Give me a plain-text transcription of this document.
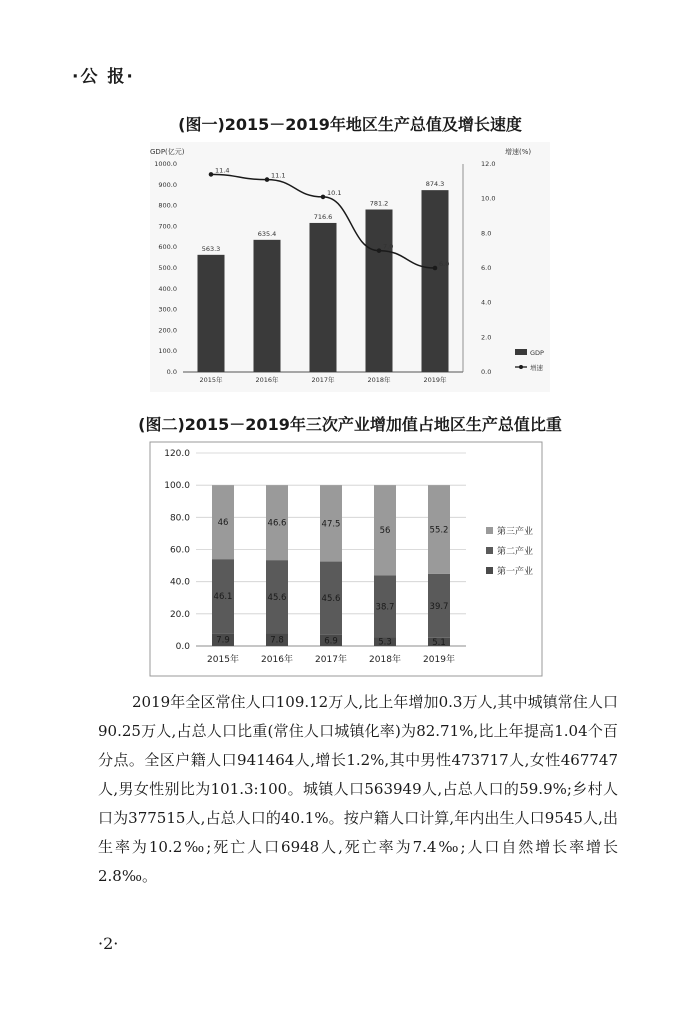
·公 报·
(图一)2015－2019年地区生产总值及增长速度
GDP(亿元)	增速(%)
0.0
100.0
200.0
300.0
400.0
500.0
600.0
700.0
800.0
900.0
1000.0
0.0
2.0
4.0
6.0
8.0
10.0
12.0
563.3
2015年
635.4
2016年
716.6
2017年
781.2
2018年
874.3
2019年
11.4
11.1
10.1
7.0
6.0
GDP
增速
(图二)2015－2019年三次产业增加值占地区生产总值比重
0.0
20.0
40.0
60.0
80.0
100.0
120.0
7.9
46.1
46
2015年
7.8
45.6
46.6
2016年
6.9
45.6
47.5
2017年
5.3
38.7
56
2018年
5.1
39.7
55.2
2019年
第三产业
第二产业
第一产业

2019年全区常住人口109.12万人,比上年增加0.3万人,其中城镇常住人口90.25万人,占总人口比重(常住人口城镇化率)为82.71%,比上年提高1.04个百分点。全区户籍人口941464人,增长1.2%,其中男性473717人,女性467747人,男女性别比为101.3:100。城镇人口563949人,占总人口的59.9%;乡村人口为377515人,占总人口的40.1%。按户籍人口计算,年内出生人口9545人,出生率为10.2‰;死亡人口6948人,死亡率为7.4‰;人口自然增长率增长2.8‰。

·2·
